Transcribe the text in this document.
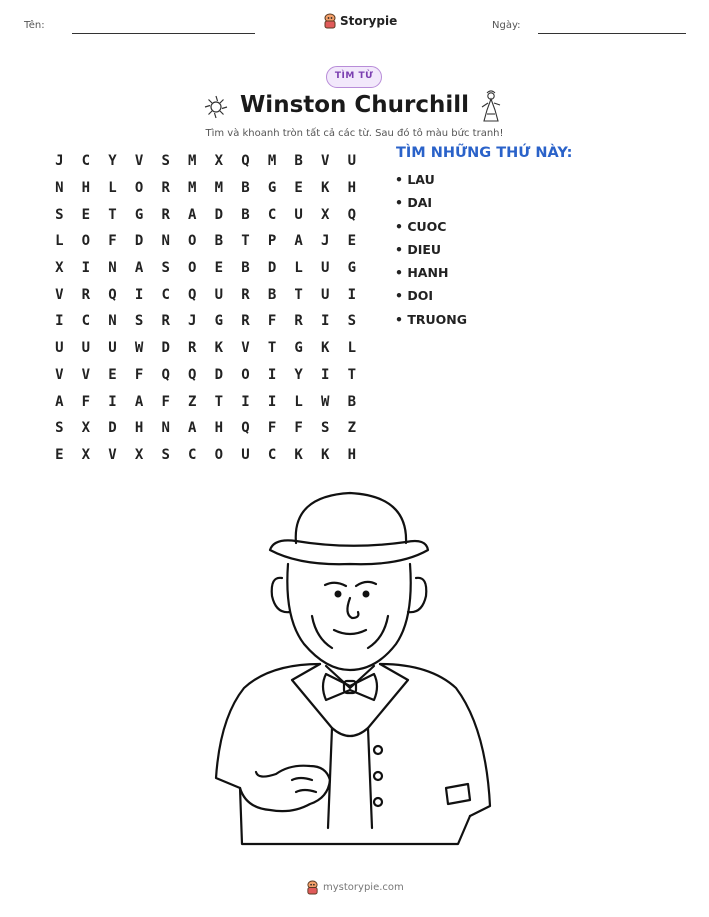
Tên:	Storypie	Ngày:
TÌM TỪ
Winston Churchill
Tìm và khoanh tròn tất cả các từ. Sau đó tô màu bức tranh!
J	C	Y	V	S	M	X	Q	M	B	V	U
N	H	L	O	R	M	M	B	G	E	K	H
S	E	T	G	R	A	D	B	C	U	X	Q
L	O	F	D	N	O	B	T	P	A	J	E
X	I	N	A	S	O	E	B	D	L	U	G
V	R	Q	I	C	Q	U	R	B	T	U	I
I	C	N	S	R	J	G	R	F	R	I	S
U	U	U	W	D	R	K	V	T	G	K	L
V	V	E	F	Q	Q	D	O	I	Y	I	T
A	F	I	A	F	Z	T	I	I	L	W	B
S	X	D	H	N	A	H	Q	F	F	S	Z
E	X	V	X	S	C	O	U	C	K	K	H
TÌM NHỮNG THỨ NÀY:
• LAU
• DAI
• CUOC
• DIEU
• HANH
• DOI
• TRUONG
mystorypie.com
